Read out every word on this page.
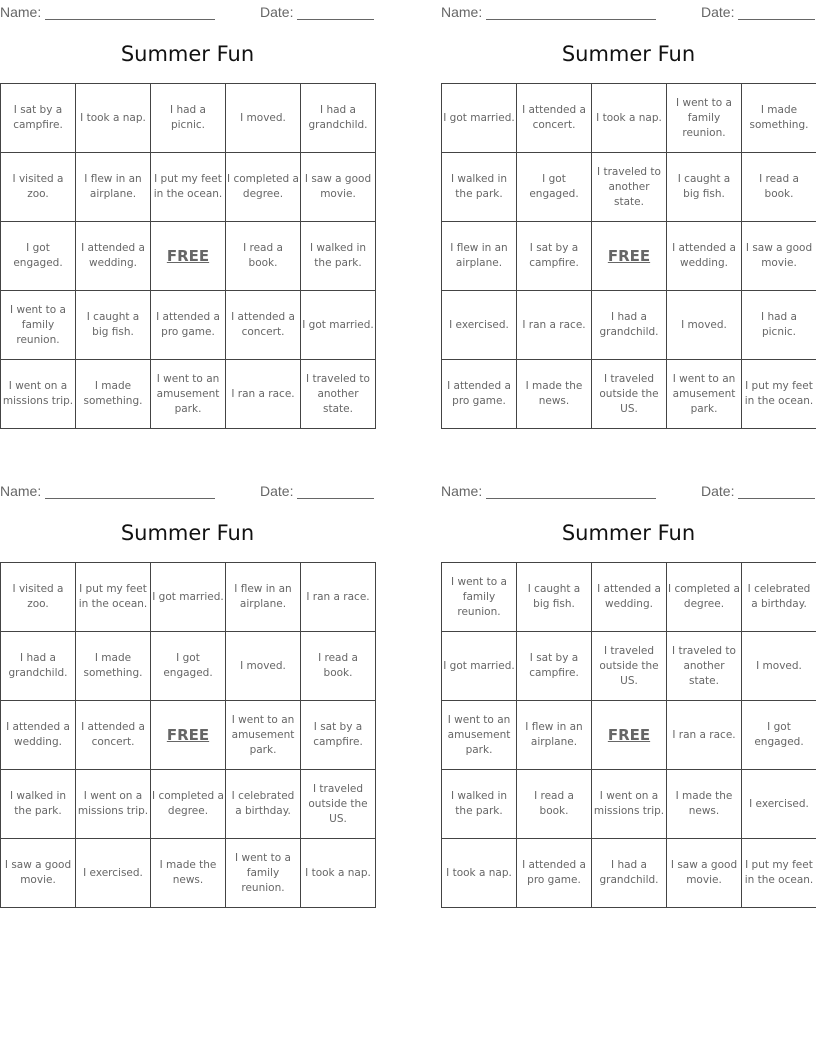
Name:	Date:
Summer Fun
I sat by a campfire.	I took a nap.	I had a picnic.	I moved.	I had a grandchild.
I visited a zoo.	I flew in an airplane.	I put my feet in the ocean.	I completed a degree.	I saw a good movie.
I got engaged.	I attended a wedding.	FREE	I read a book.	I walked in the park.
I went to a family reunion.	I caught a big fish.	I attended a pro game.	I attended a concert.	I got married.
I went on a missions trip.	I made something.	I went to an amusement park.	I ran a race.	I traveled to another state.
Name:	Date:
Summer Fun
I got married.	I attended a concert.	I took a nap.	I went to a family reunion.	I made something.
I walked in the park.	I got engaged.	I traveled to another state.	I caught a big fish.	I read a book.
I flew in an airplane.	I sat by a campfire.	FREE	I attended a wedding.	I saw a good movie.
I exercised.	I ran a race.	I had a grandchild.	I moved.	I had a picnic.
I attended a pro game.	I made the news.	I traveled outside the US.	I went to an amusement park.	I put my feet in the ocean.
Name:	Date:
Summer Fun
I visited a zoo.	I put my feet in the ocean.	I got married.	I flew in an airplane.	I ran a race.
I had a grandchild.	I made something.	I got engaged.	I moved.	I read a book.
I attended a wedding.	I attended a concert.	FREE	I went to an amusement park.	I sat by a campfire.
I walked in the park.	I went on a missions trip.	I completed a degree.	I celebrated a birthday.	I traveled outside the US.
I saw a good movie.	I exercised.	I made the news.	I went to a family reunion.	I took a nap.
Name:	Date:
Summer Fun
I went to a family reunion.	I caught a big fish.	I attended a wedding.	I completed a degree.	I celebrated a birthday.
I got married.	I sat by a campfire.	I traveled outside the US.	I traveled to another state.	I moved.
I went to an amusement park.	I flew in an airplane.	FREE	I ran a race.	I got engaged.
I walked in the park.	I read a book.	I went on a missions trip.	I made the news.	I exercised.
I took a nap.	I attended a pro game.	I had a grandchild.	I saw a good movie.	I put my feet in the ocean.
